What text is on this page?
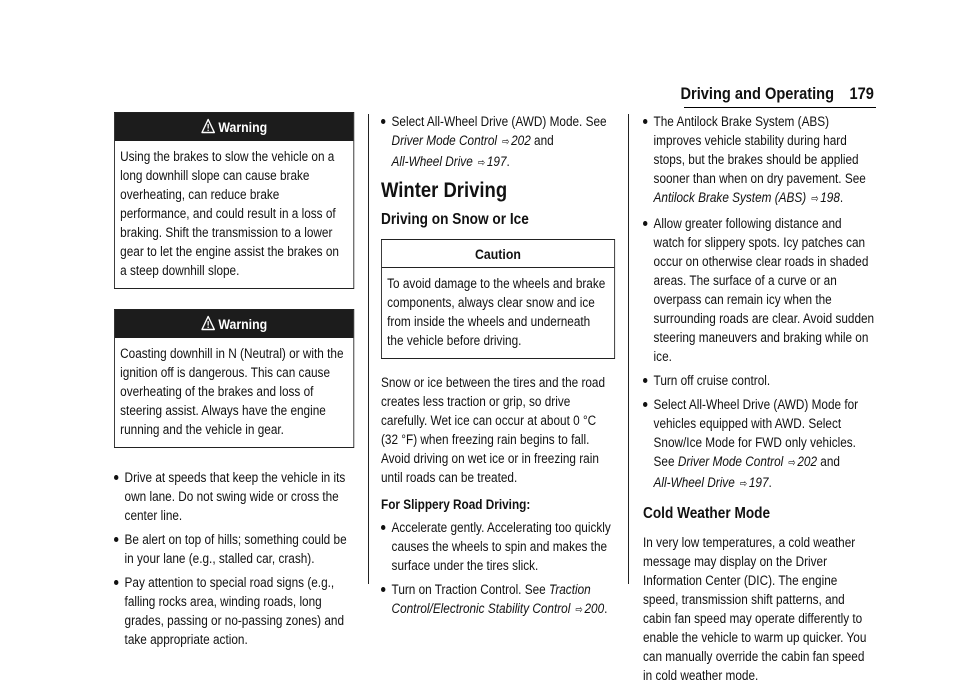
Driving and Operating 179
Warning
Using the brakes to slow the vehicle on a long downhill slope can cause brake overheating, can reduce brake performance, and could result in a loss of braking. Shift the transmission to a lower gear to let the engine assist the brakes on a steep downhill slope.
Warning
Coasting downhill in N (Neutral) or with the ignition off is dangerous. This can cause overheating of the brakes and loss of steering assist. Always have the engine running and the vehicle in gear.
Drive at speeds that keep the vehicle in its own lane. Do not swing wide or cross the center line.
Be alert on top of hills; something could be in your lane (e.g., stalled car, crash).
Pay attention to special road signs (e.g., falling rocks area, winding roads, long grades, passing or no-passing zones) and take appropriate action.
Select All-Wheel Drive (AWD) Mode. See
Driver Mode Control ⇨ 202 and
All-Wheel Drive ⇨ 197.
Winter Driving
Driving on Snow or Ice
Caution
To avoid damage to the wheels and brake components, always clear snow and ice from inside the wheels and underneath the vehicle before driving.

Snow or ice between the tires and the road creates less traction or grip, so drive carefully. Wet ice can occur at about 0 °C (32 °F) when freezing rain begins to fall. Avoid driving on wet ice or in freezing rain until roads can be treated.

For Slippery Road Driving:
Accelerate gently. Accelerating too quickly causes the wheels to spin and makes the surface under the tires slick.
Turn on Traction Control. See Traction Control/Electronic Stability Control ⇨ 200.
The Antilock Brake System (ABS) improves vehicle stability during hard stops, but the brakes should be applied sooner than when on dry pavement. See Antilock Brake System (ABS) ⇨ 198.
Allow greater following distance and watch for slippery spots. Icy patches can occur on otherwise clear roads in shaded areas. The surface of a curve or an overpass can remain icy when the surrounding roads are clear. Avoid sudden steering maneuvers and braking while on ice.
Turn off cruise control.
Select All-Wheel Drive (AWD) Mode for vehicles equipped with AWD. Select Snow/Ice Mode for FWD only vehicles. See Driver Mode Control ⇨ 202 and
All-Wheel Drive ⇨ 197.
Cold Weather Mode

In very low temperatures, a cold weather message may display on the Driver Information Center (DIC). The engine speed, transmission shift patterns, and cabin fan speed may operate differently to enable the vehicle to warm up quicker. You can manually override the cabin fan speed in cold weather mode.
